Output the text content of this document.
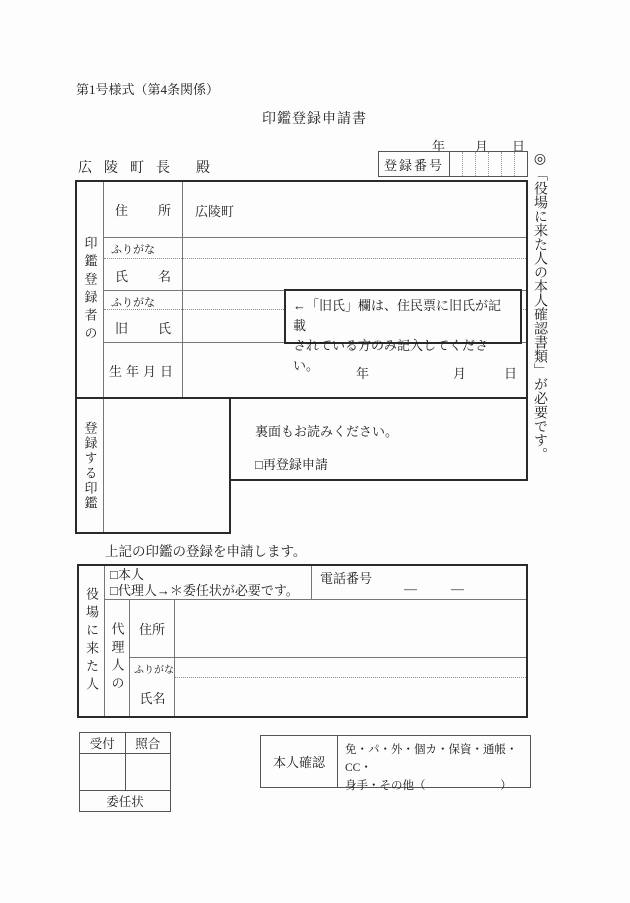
第1号様式（第4条関係）
印鑑登録申請書
年 月 日
広陵町長 殿	登録番号	◎「役場に来た人の本人確認書類」が必要です。
印鑑登録者の
住 所 広陵町
ふりがな
氏 名
ふりがな
旧 氏
生年月日	年	月	日
登録する印鑑	裏面もお読みください。
□再登録申請
←「旧氏」欄は、住民票に旧氏が記載
されている方のみ記入してください。
上記の印鑑の登録を申請します。
役場に来た人
□本人
□代理人→＊委任状が必要です。
電話番号
—	—
代理人の	住所
ふりがな
氏名
受付	照合
委任状
本人確認
免・パ・外・個カ・保資・通帳・CC・
身手・その他（                          ）
